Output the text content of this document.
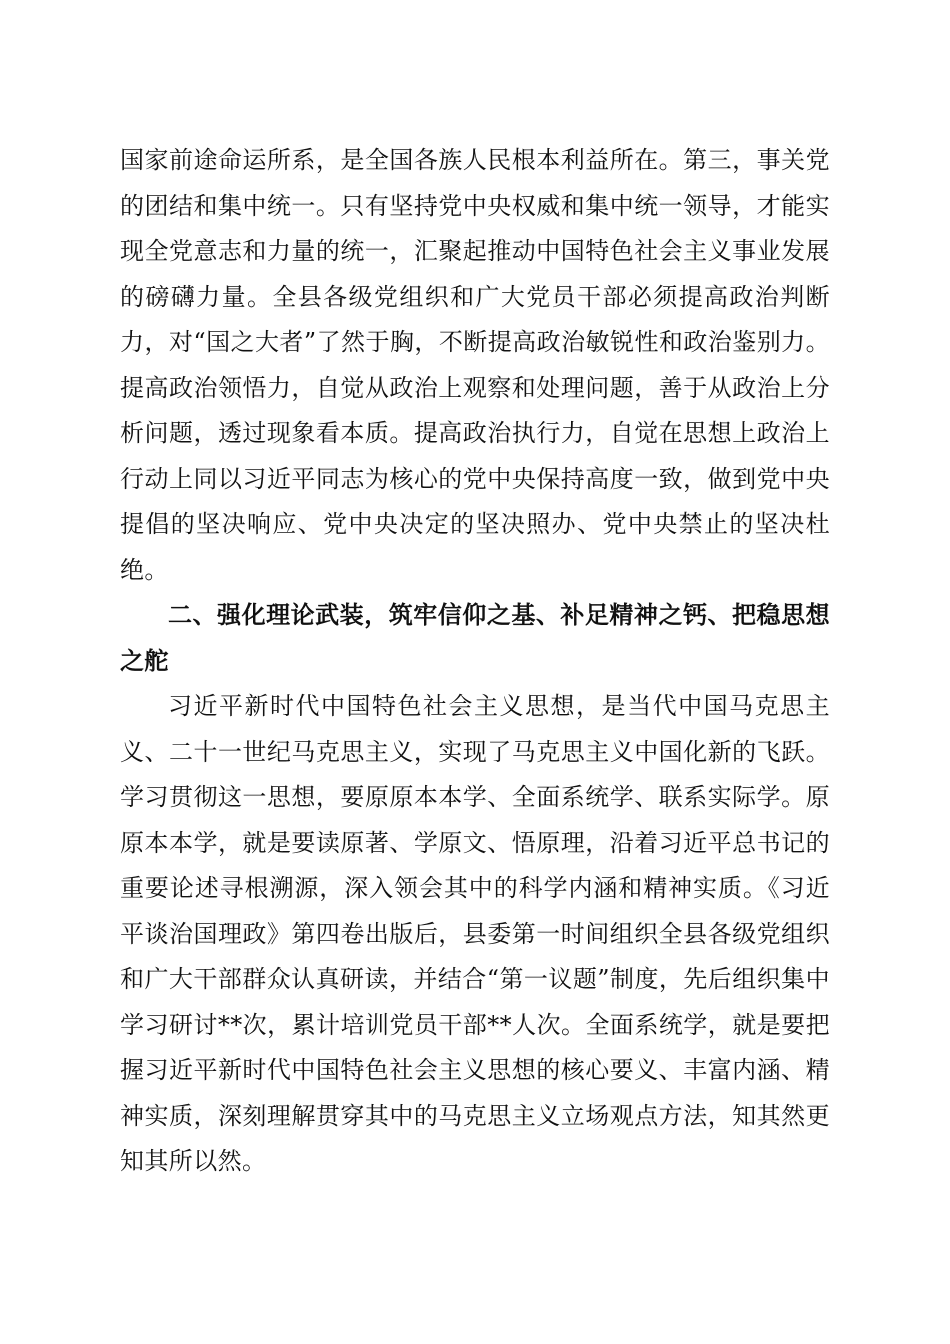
国家前途命运所系，是全国各族人民根本利益所在。第三，事关党的团结和集中统一。只有坚持党中央权威和集中统一领导，才能实现全党意志和力量的统一，汇聚起推动中国特色社会主义事业发展的磅礴力量。全县各级党组织和广大党员干部必须提高政治判断力，对“国之大者”了然于胸，不断提高政治敏锐性和政治鉴别力。提高政治领悟力，自觉从政治上观察和处理问题，善于从政治上分析问题，透过现象看本质。提高政治执行力，自觉在思想上政治上行动上同以习近平同志为核心的党中央保持高度一致，做到党中央提倡的坚决响应、党中央决定的坚决照办、党中央禁止的坚决杜绝。

二、强化理论武装，筑牢信仰之基、补足精神之钙、把稳思想之舵

习近平新时代中国特色社会主义思想，是当代中国马克思主义、二十一世纪马克思主义，实现了马克思主义中国化新的飞跃。学习贯彻这一思想，要原原本本学、全面系统学、联系实际学。原原本本学，就是要读原著、学原文、悟原理，沿着习近平总书记的重要论述寻根溯源，深入领会其中的科学内涵和精神实质。《习近平谈治国理政》第四卷出版后，县委第一时间组织全县各级党组织和广大干部群众认真研读，并结合“第一议题”制度，先后组织集中学习研讨**次，累计培训党员干部**人次。全面系统学，就是要把握习近平新时代中国特色社会主义思想的核心要义、丰富内涵、精神实质，深刻理解贯穿其中的马克思主义立场观点方法，知其然更知其所以然。
